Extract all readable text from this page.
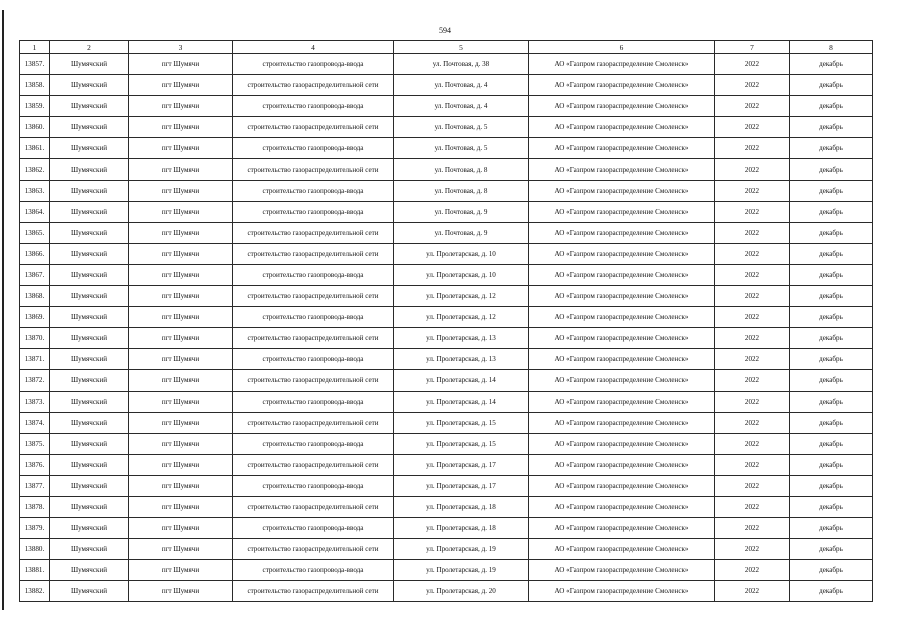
594
1	2	3	4	5	6	7	8
13857.	Шумячский	пгт Шумячи	строительство газопровода-ввода	ул. Почтовая, д. 38	АО «Газпром газораспределение Смоленск»	2022	декабрь
13858.	Шумячский	пгт Шумячи	строительство газораспределительной сети	ул. Почтовая, д. 4	АО «Газпром газораспределение Смоленск»	2022	декабрь
13859.	Шумячский	пгт Шумячи	строительство газопровода-ввода	ул. Почтовая, д. 4	АО «Газпром газораспределение Смоленск»	2022	декабрь
13860.	Шумячский	пгт Шумячи	строительство газораспределительной сети	ул. Почтовая, д. 5	АО «Газпром газораспределение Смоленск»	2022	декабрь
13861.	Шумячский	пгт Шумячи	строительство газопровода-ввода	ул. Почтовая, д. 5	АО «Газпром газораспределение Смоленск»	2022	декабрь
13862.	Шумячский	пгт Шумячи	строительство газораспределительной сети	ул. Почтовая, д. 8	АО «Газпром газораспределение Смоленск»	2022	декабрь
13863.	Шумячский	пгт Шумячи	строительство газопровода-ввода	ул. Почтовая, д. 8	АО «Газпром газораспределение Смоленск»	2022	декабрь
13864.	Шумячский	пгт Шумячи	строительство газопровода-ввода	ул. Почтовая, д. 9	АО «Газпром газораспределение Смоленск»	2022	декабрь
13865.	Шумячский	пгт Шумячи	строительство газораспределительной сети	ул. Почтовая, д. 9	АО «Газпром газораспределение Смоленск»	2022	декабрь
13866.	Шумячский	пгт Шумячи	строительство газораспределительной сети	ул. Пролетарская, д. 10	АО «Газпром газораспределение Смоленск»	2022	декабрь
13867.	Шумячский	пгт Шумячи	строительство газопровода-ввода	ул. Пролетарская, д. 10	АО «Газпром газораспределение Смоленск»	2022	декабрь
13868.	Шумячский	пгт Шумячи	строительство газораспределительной сети	ул. Пролетарская, д. 12	АО «Газпром газораспределение Смоленск»	2022	декабрь
13869.	Шумячский	пгт Шумячи	строительство газопровода-ввода	ул. Пролетарская, д. 12	АО «Газпром газораспределение Смоленск»	2022	декабрь
13870.	Шумячский	пгт Шумячи	строительство газораспределительной сети	ул. Пролетарская, д. 13	АО «Газпром газораспределение Смоленск»	2022	декабрь
13871.	Шумячский	пгт Шумячи	строительство газопровода-ввода	ул. Пролетарская, д. 13	АО «Газпром газораспределение Смоленск»	2022	декабрь
13872.	Шумячский	пгт Шумячи	строительство газораспределительной сети	ул. Пролетарская, д. 14	АО «Газпром газораспределение Смоленск»	2022	декабрь
13873.	Шумячский	пгт Шумячи	строительство газопровода-ввода	ул. Пролетарская, д. 14	АО «Газпром газораспределение Смоленск»	2022	декабрь
13874.	Шумячский	пгт Шумячи	строительство газораспределительной сети	ул. Пролетарская, д. 15	АО «Газпром газораспределение Смоленск»	2022	декабрь
13875.	Шумячский	пгт Шумячи	строительство газопровода-ввода	ул. Пролетарская, д. 15	АО «Газпром газораспределение Смоленск»	2022	декабрь
13876.	Шумячский	пгт Шумячи	строительство газораспределительной сети	ул. Пролетарская, д. 17	АО «Газпром газораспределение Смоленск»	2022	декабрь
13877.	Шумячский	пгт Шумячи	строительство газопровода-ввода	ул. Пролетарская, д. 17	АО «Газпром газораспределение Смоленск»	2022	декабрь
13878.	Шумячский	пгт Шумячи	строительство газораспределительной сети	ул. Пролетарская, д. 18	АО «Газпром газораспределение Смоленск»	2022	декабрь
13879.	Шумячский	пгт Шумячи	строительство газопровода-ввода	ул. Пролетарская, д. 18	АО «Газпром газораспределение Смоленск»	2022	декабрь
13880.	Шумячский	пгт Шумячи	строительство газораспределительной сети	ул. Пролетарская, д. 19	АО «Газпром газораспределение Смоленск»	2022	декабрь
13881.	Шумячский	пгт Шумячи	строительство газопровода-ввода	ул. Пролетарская, д. 19	АО «Газпром газораспределение Смоленск»	2022	декабрь
13882.	Шумячский	пгт Шумячи	строительство газораспределительной сети	ул. Пролетарская, д. 20	АО «Газпром газораспределение Смоленск»	2022	декабрь
